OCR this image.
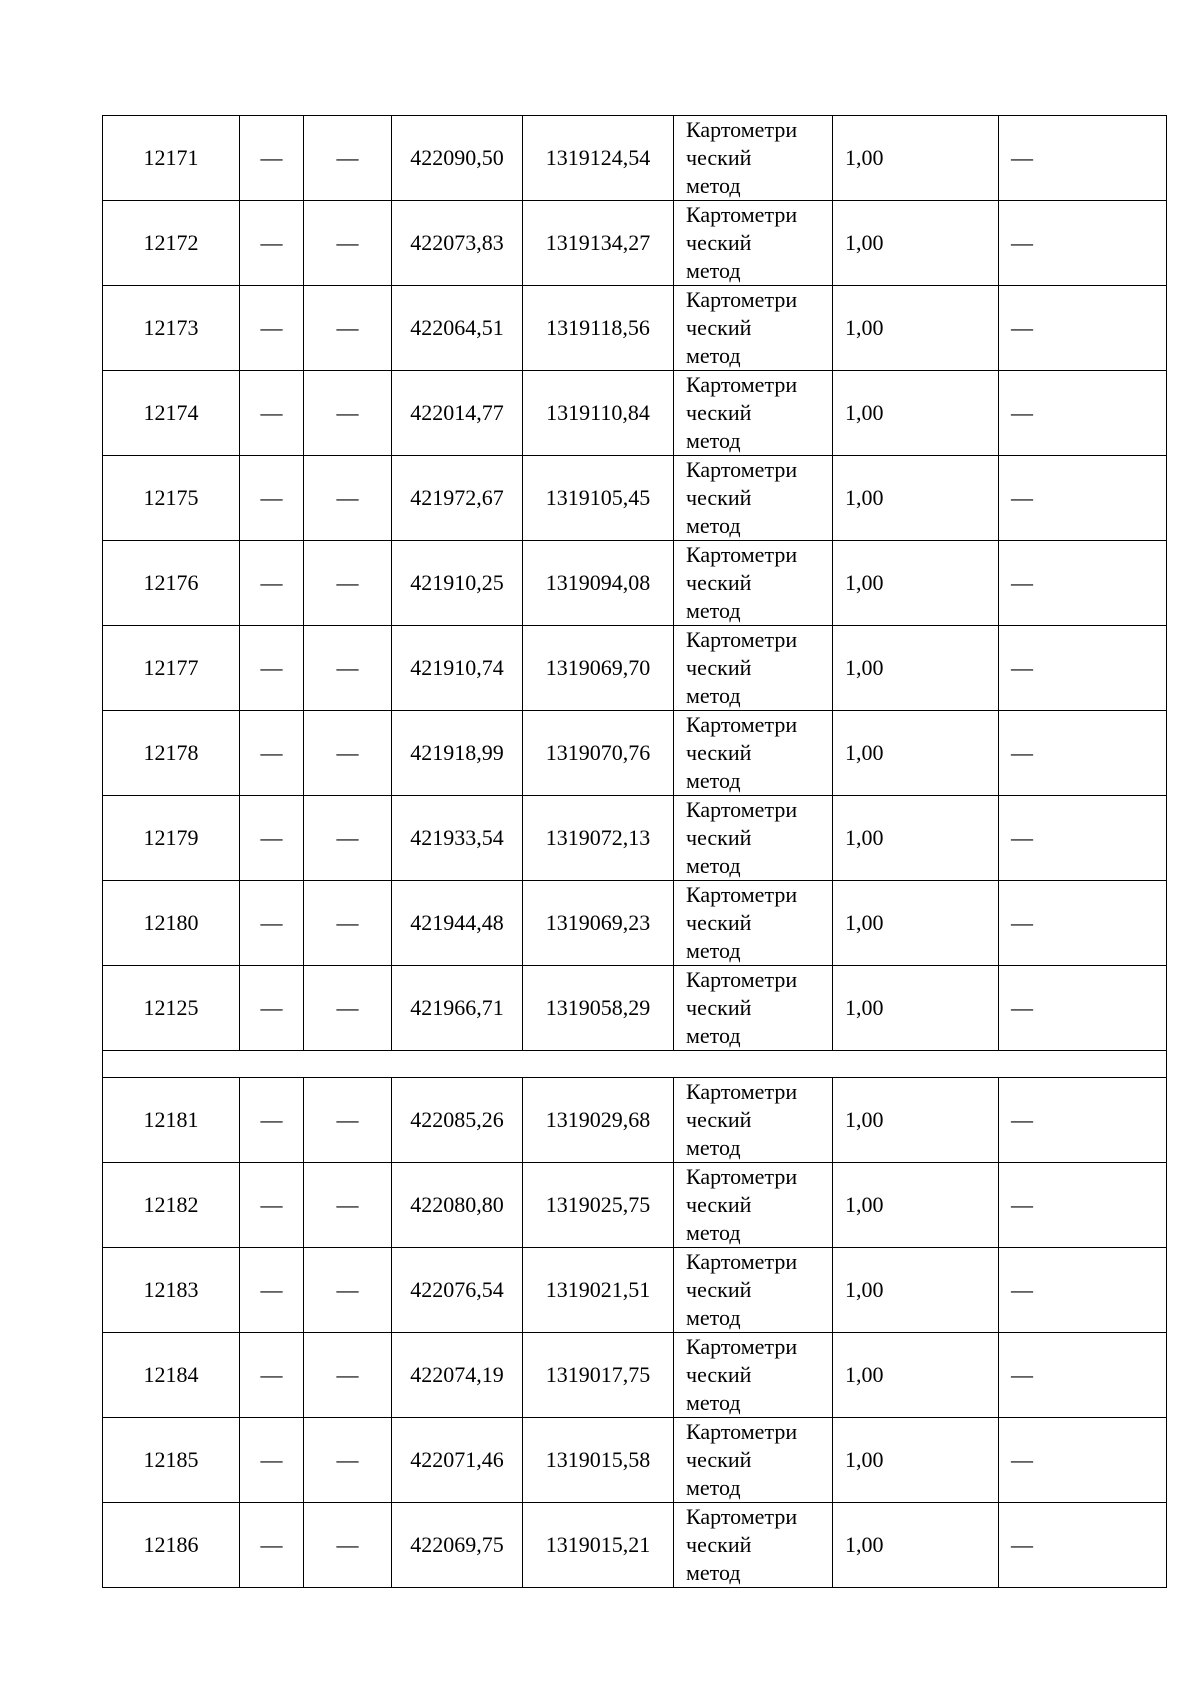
12171	—	—	422090,50	1319124,54	Картометри
ческий
метод	1,00	—
12172	—	—	422073,83	1319134,27	Картометри
ческий
метод	1,00	—
12173	—	—	422064,51	1319118,56	Картометри
ческий
метод	1,00	—
12174	—	—	422014,77	1319110,84	Картометри
ческий
метод	1,00	—
12175	—	—	421972,67	1319105,45	Картометри
ческий
метод	1,00	—
12176	—	—	421910,25	1319094,08	Картометри
ческий
метод	1,00	—
12177	—	—	421910,74	1319069,70	Картометри
ческий
метод	1,00	—
12178	—	—	421918,99	1319070,76	Картометри
ческий
метод	1,00	—
12179	—	—	421933,54	1319072,13	Картометри
ческий
метод	1,00	—
12180	—	—	421944,48	1319069,23	Картометри
ческий
метод	1,00	—
12125	—	—	421966,71	1319058,29	Картометри
ческий
метод	1,00	—

12181	—	—	422085,26	1319029,68	Картометри
ческий
метод	1,00	—
12182	—	—	422080,80	1319025,75	Картометри
ческий
метод	1,00	—
12183	—	—	422076,54	1319021,51	Картометри
ческий
метод	1,00	—
12184	—	—	422074,19	1319017,75	Картометри
ческий
метод	1,00	—
12185	—	—	422071,46	1319015,58	Картометри
ческий
метод	1,00	—
12186	—	—	422069,75	1319015,21	Картометри
ческий
метод	1,00	—
